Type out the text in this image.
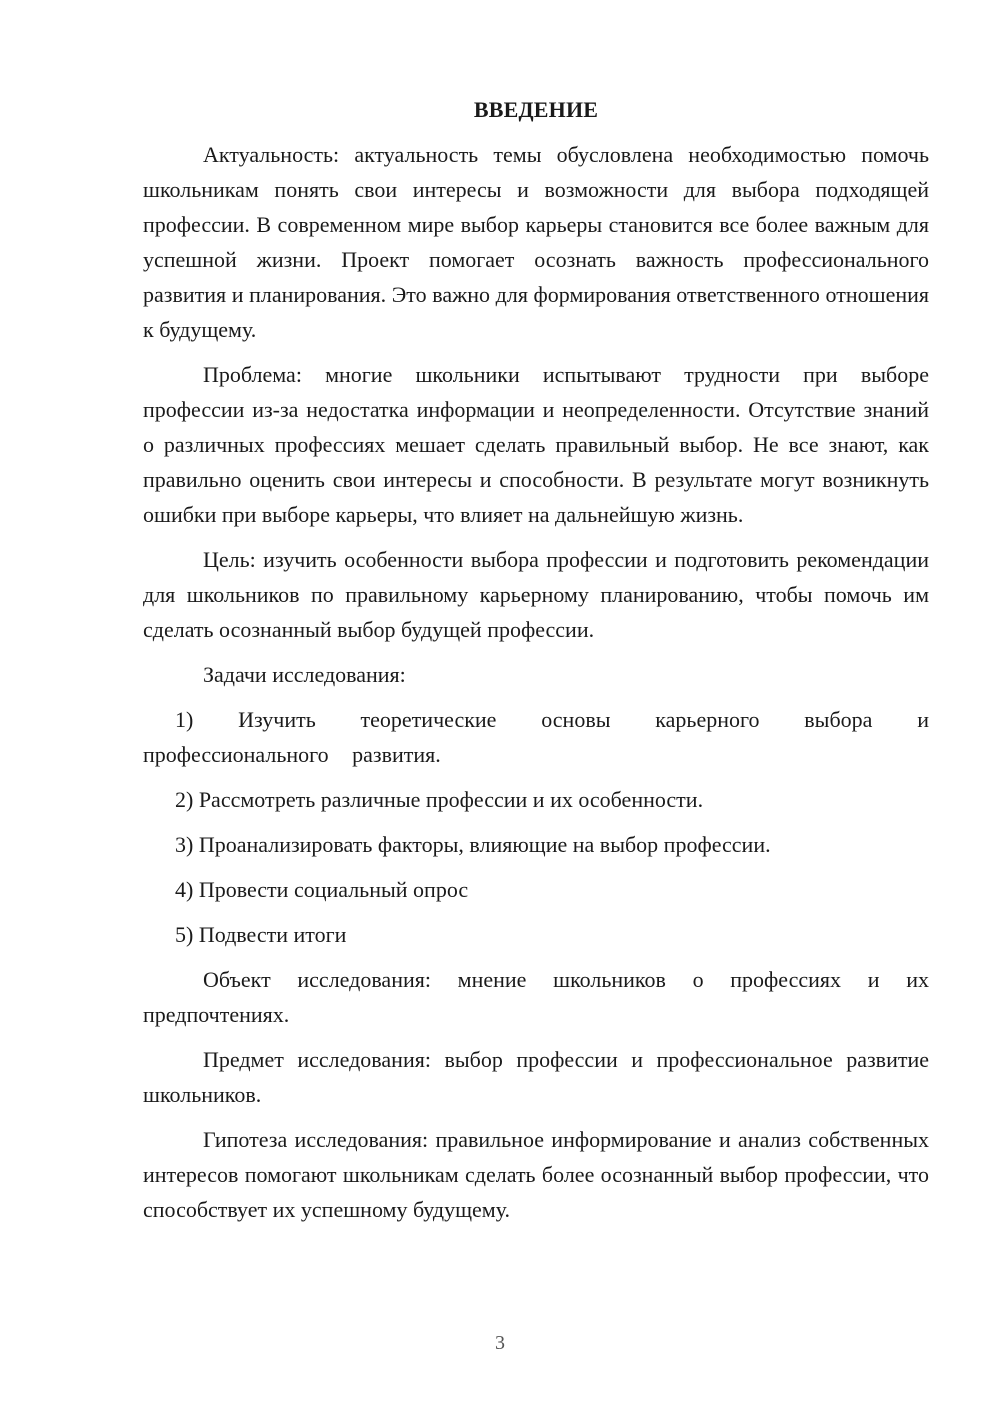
ВВЕДЕНИЕ

Актуальность: актуальность темы обусловлена необходимостью помочь школьникам понять свои интересы и возможности для выбора подходящей профессии. В современном мире выбор карьеры становится все более важным для успешной жизни. Проект помогает осознать важность профессионального развития и планирования. Это важно для формирования ответственного отношения к будущему.

Проблема: многие школьники испытывают трудности при выборе профессии из-за недостатка информации и неопределенности. Отсутствие знаний о различных профессиях мешает сделать правильный выбор. Не все знают, как правильно оценить свои интересы и способности. В результате могут возникнуть ошибки при выборе карьеры, что влияет на дальнейшую жизнь.

Цель: изучить особенности выбора профессии и подготовить рекомендации для школьников по правильному карьерному планированию, чтобы помочь им сделать осознанный выбор будущей профессии.

Задачи исследования:

1) Изучить теоретические основы карьерного выбора и профессионального развития.

2) Рассмотреть различные профессии и их особенности.

3) Проанализировать факторы, влияющие на выбор профессии.

4) Провести социальный опрос

5) Подвести итоги

Объект исследования: мнение школьников о профессиях и их предпочтениях.

Предмет исследования: выбор профессии и профессиональное развитие школьников.

Гипотеза исследования: правильное информирование и анализ собственных интересов помогают школьникам сделать более осознанный выбор профессии, что способствует их успешному будущему.

3
